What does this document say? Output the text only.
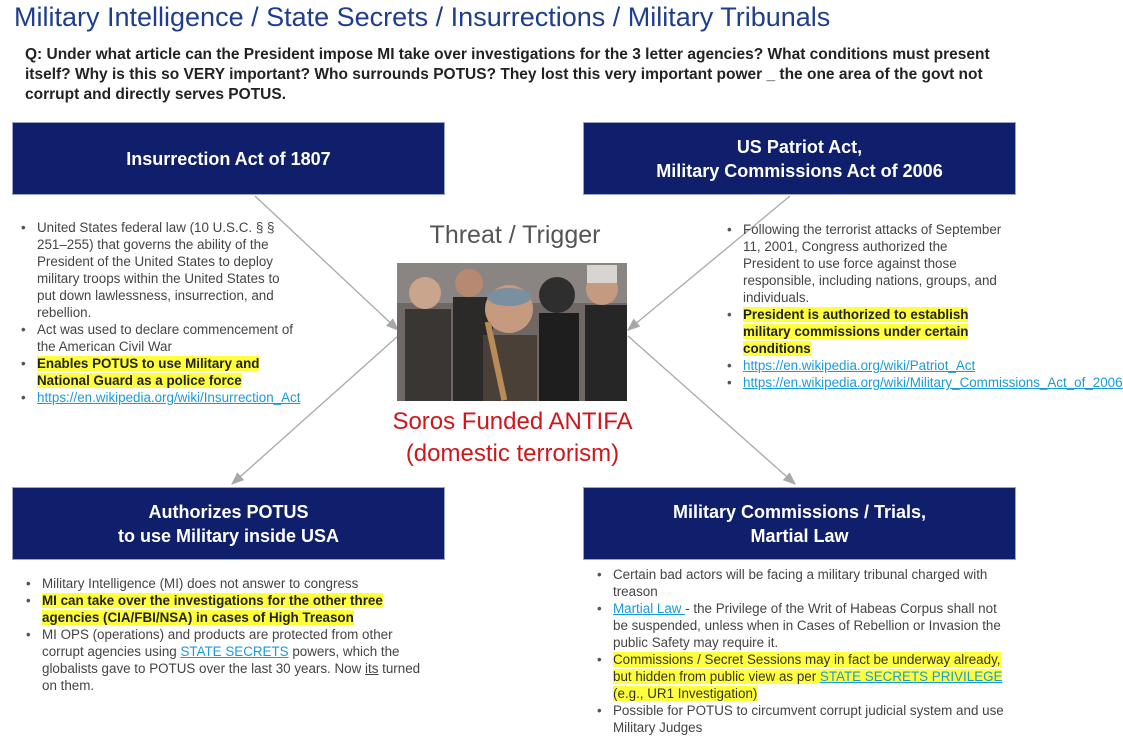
Military Intelligence / State Secrets / Insurrections / Military Tribunals
Q: Under what article can the President impose MI take over investigations for the 3 letter agencies? What conditions must present itself? Why is this so VERY important? Who surrounds POTUS? They lost this very important power _ the one area of the govt not corrupt and directly serves POTUS.
Insurrection Act of 1807
US Patriot Act,
Military Commissions Act of 2006
Authorizes POTUS
to use Military inside USA
Military Commissions / Trials,
Martial Law
• United States federal law (10 U.S.C. § § 251–255) that governs the ability of the President of the United States to deploy military troops within the United States to put down lawlessness, insurrection, and rebellion.
• Act was used to declare commencement of the American Civil War
• Enables POTUS to use Military and National Guard as a police force
• https://en.wikipedia.org/wiki/Insurrection_Act
• Following the terrorist attacks of September 11, 2001, Congress authorized the President to use force against those responsible, including nations, groups, and individuals.
• President is authorized to establish military commissions under certain conditions
• https://en.wikipedia.org/wiki/Patriot_Act
• https://en.wikipedia.org/wiki/Military_Commissions_Act_of_2006
Threat / Trigger
Soros Funded ANTIFA
(domestic terrorism)
• Military Intelligence (MI) does not answer to congress
• MI can take over the investigations for the other three agencies (CIA/FBI/NSA) in cases of High Treason
• MI OPS (operations) and products are protected from other corrupt agencies using STATE SECRETS powers, which the globalists gave to POTUS over the last 30 years. Now its turned on them.
• Certain bad actors will be facing a military tribunal charged with treason
• Martial Law - the Privilege of the Writ of Habeas Corpus shall not be suspended, unless when in Cases of Rebellion or Invasion the public Safety may require it.
• Commissions / Secret Sessions may in fact be underway already, but hidden from public view as per STATE SECRETS PRIVILEGE (e.g., UR1 Investigation)
• Possible for POTUS to circumvent corrupt judicial system and use Military Judges
